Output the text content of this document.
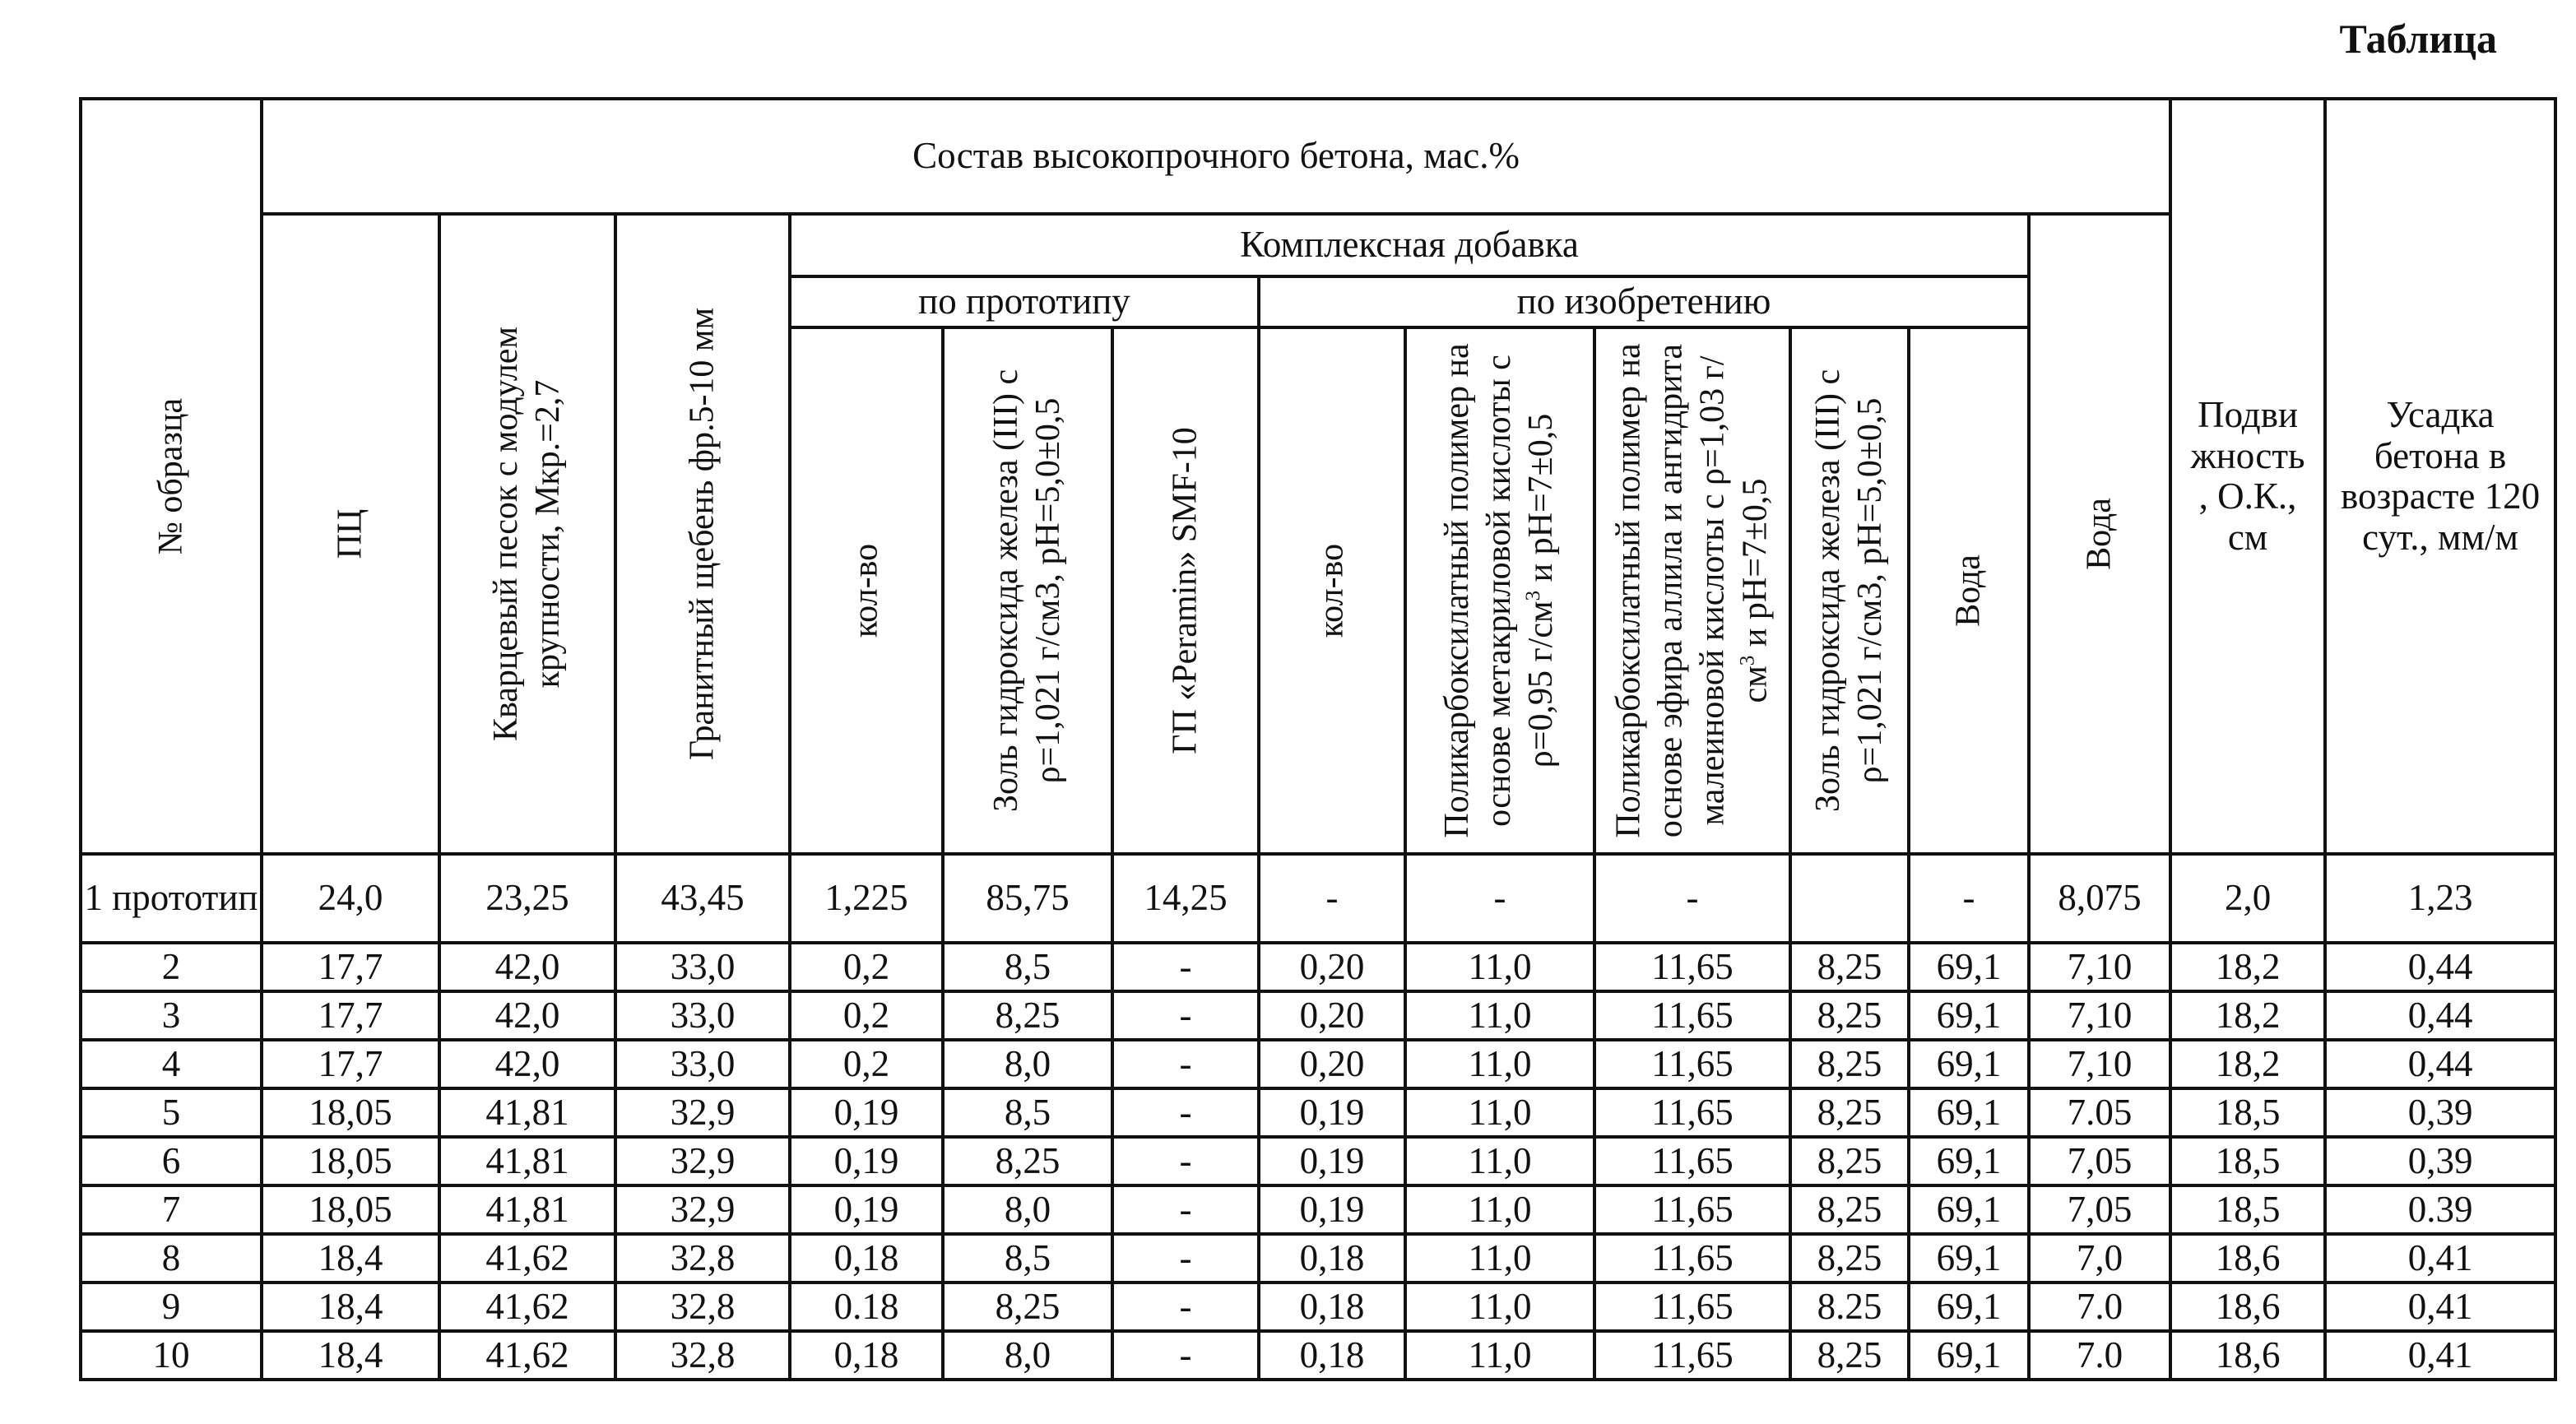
Таблица
№ образца	Состав высокопрочного бетона, мас.%												Подвижность, О.К., см	Усадка бетона в возрасте 120 сут., мм/м

	ПЦ	Кварцевый песок с модулем крупности, Мкр.=2,7	Гранитный щебень фр.5-10 мм	Комплексная добавка								Вода		

				по прототипу			по изобретению							

				кол-во	Золь гидроксида железа (III) с ρ=1,021 г/см3, рН=5,0±0,5	ГП «Peramin» SMF-10	кол-во	Поликарбоксилатный полимер на основе метакриловой кислоты с ρ=0,95 $г/см^3$ и рН=7±0,5	Поликарбоксилатный полимер на основе эфира аллила и ангидрита малеиновой кислоты с ρ=1,03 $г/см^3$ и рН=7±0,5	Золь гидроксида железа (III) с ρ=1,021 г/см3, рН=5,0±0,5	Вода			

1 прототип	24,0	23,25	43,45	1,225	85,75	14,25	-	-	-		-	8,075	2,0	1,23
2	17,7	42,0	33,0	0,2	8,5	-	0,20	11,0	11,65	8,25	69,1	7,10	18,2	0,44
3	17,7	42,0	33,0	0,2	8,25	-	0,20	11,0	11,65	8,25	69,1	7,10	18,2	0,44
4	17,7	42,0	33,0	0,2	8,0	-	0,20	11,0	11,65	8,25	69,1	7,10	18,2	0,44
5	18,05	41,81	32,9	0,19	8,5	-	0,19	11,0	11,65	8,25	69,1	7.05	18,5	0,39
6	18,05	41,81	32,9	0,19	8,25	-	0,19	11,0	11,65	8,25	69,1	7,05	18,5	0,39
7	18,05	41,81	32,9	0,19	8,0	-	0,19	11,0	11,65	8,25	69,1	7,05	18,5	0.39
8	18,4	41,62	32,8	0,18	8,5	-	0,18	11,0	11,65	8,25	69,1	7,0	18,6	0,41
9	18,4	41,62	32,8	0.18	8,25	-	0,18	11,0	11,65	8.25	69,1	7.0	18,6	0,41
10	18,4	41,62	32,8	0,18	8,0	-	0,18	11,0	11,65	8,25	69,1	7.0	18,6	0,41
